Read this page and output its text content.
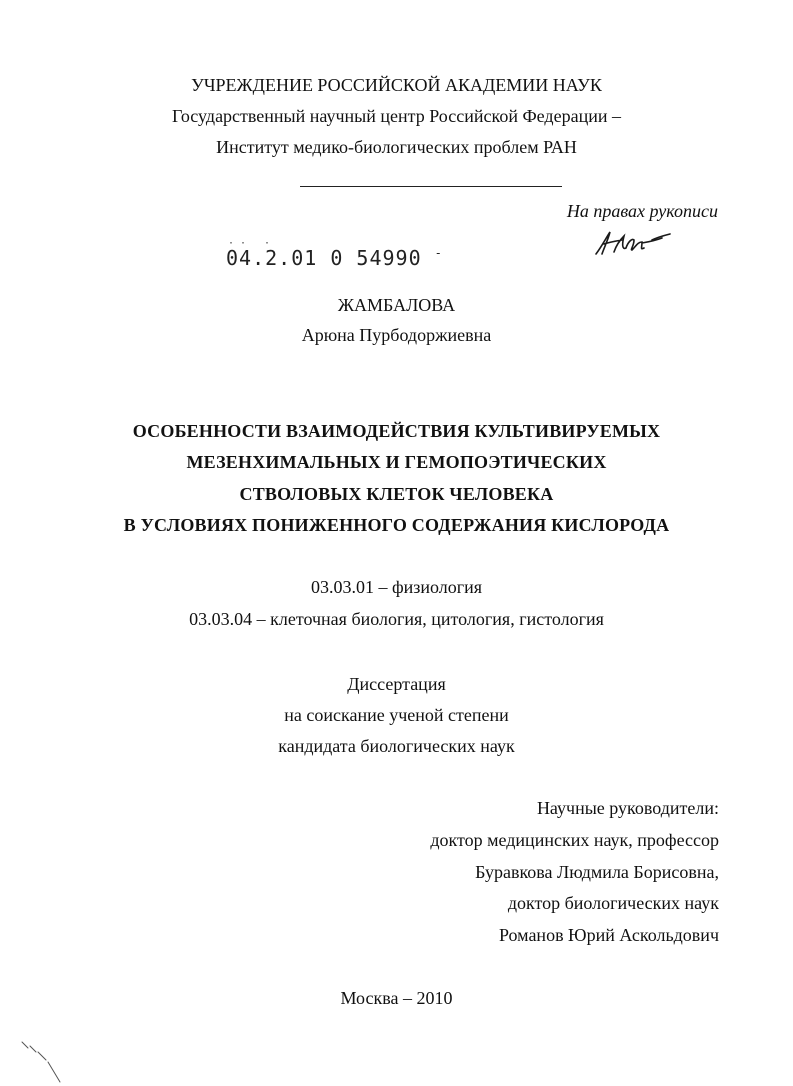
УЧРЕЖДЕНИЕ РОССИЙСКОЙ АКАДЕМИИ НАУК
Государственный научный центр Российской Федерации –
Институт медико-биологических проблем РАН
На правах рукописи
·· ·
04.2.01 0 54990 -
ЖАМБАЛОВА
Арюна Пурбодоржиевна
ОСОБЕННОСТИ ВЗАИМОДЕЙСТВИЯ КУЛЬТИВИРУЕМЫХ
МЕЗЕНХИМАЛЬНЫХ И ГЕМОПОЭТИЧЕСКИХ
СТВОЛОВЫХ КЛЕТОК ЧЕЛОВЕКА
В УСЛОВИЯХ ПОНИЖЕННОГО СОДЕРЖАНИЯ КИСЛОРОДА
03.03.01 – физиология
03.03.04 – клеточная биология, цитология, гистология
Диссертация
на соискание ученой степени
кандидата биологических наук
Научные руководители:
доктор медицинских наук, профессор
Буравкова Людмила Борисовна,
доктор биологических наук
Романов Юрий Аскольдович
Москва – 2010
